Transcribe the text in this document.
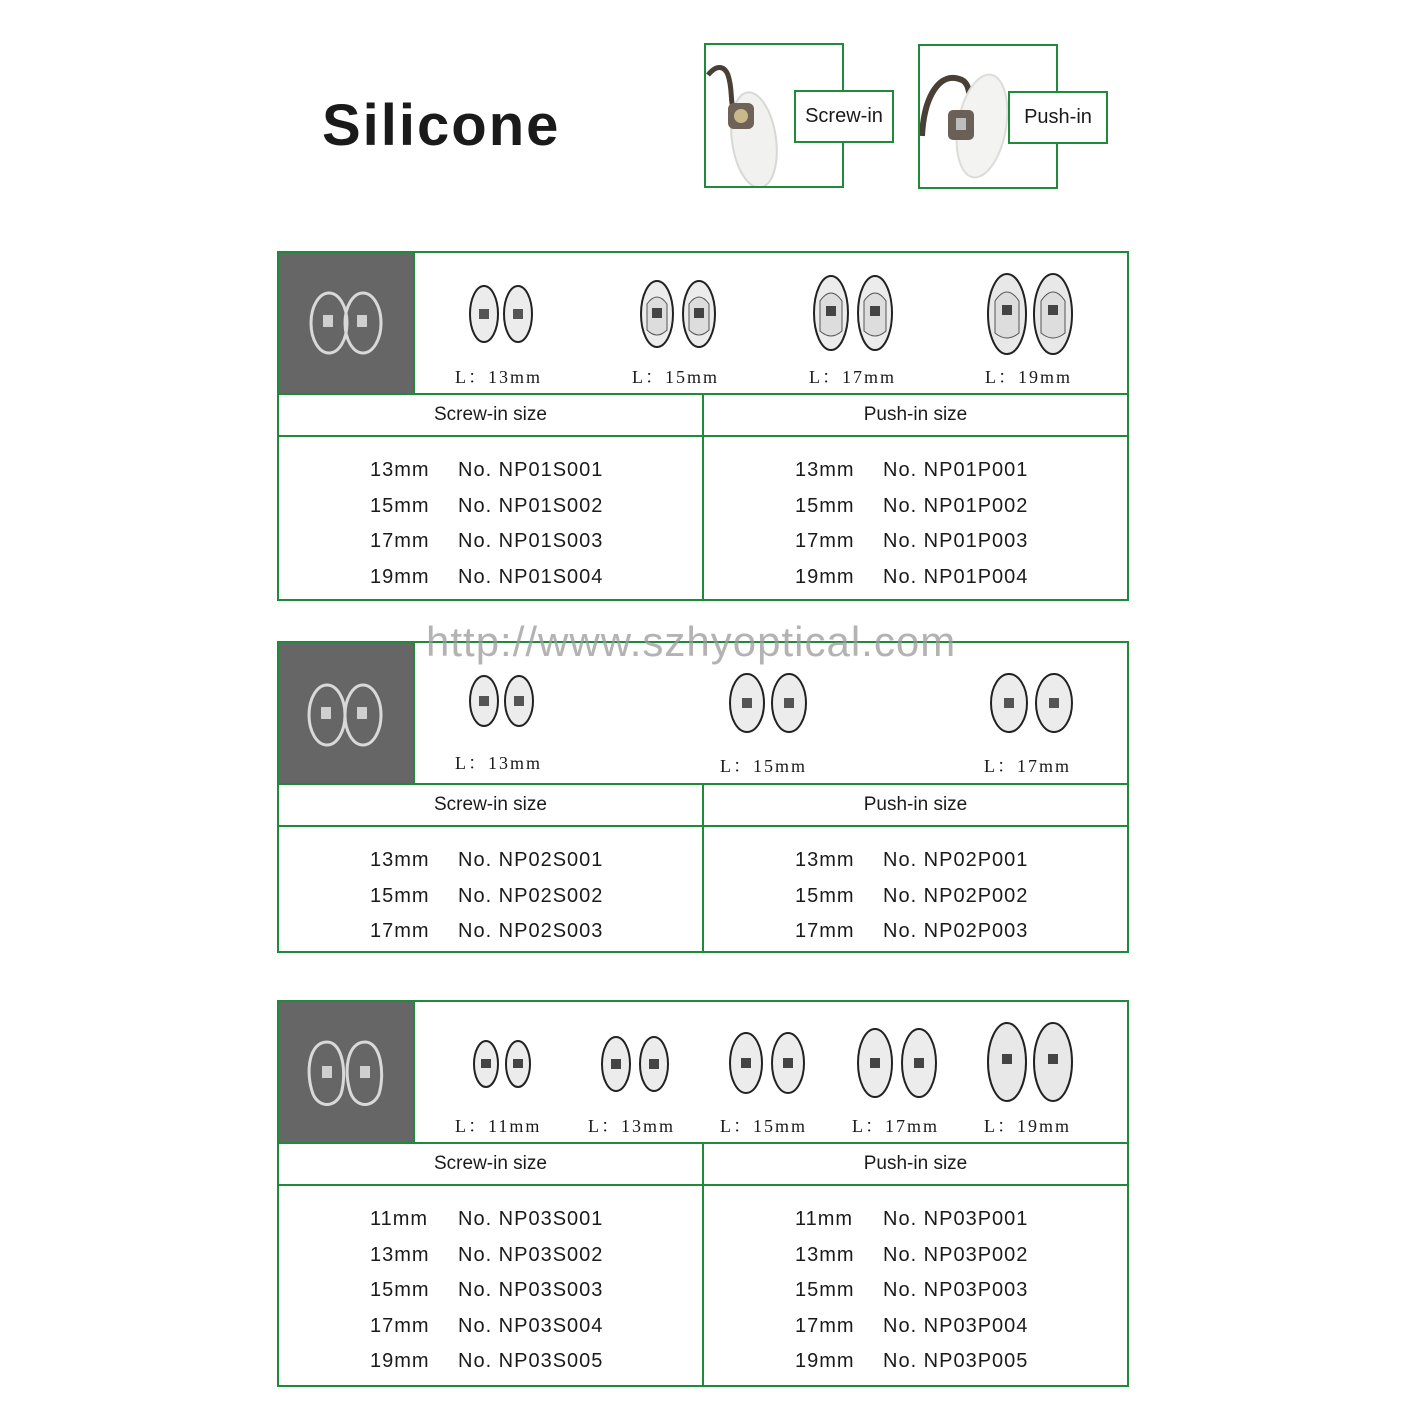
Silicone	Screw-in	Push-in
L：13mm	L：15mm	L：17mm	L：19mm
Screw-in size	Push-in size
13mm	No. NP01S001
15mm	No. NP01S002
17mm	No. NP01S003
19mm	No. NP01S004
13mm	No. NP01P001
15mm	No. NP01P002
17mm	No. NP01P003
19mm	No. NP01P004
L：13mm	L：15mm	L：17mm
Screw-in size	Push-in size
13mm	No. NP02S001
15mm	No. NP02S002
17mm	No. NP02S003
13mm	No. NP02P001
15mm	No. NP02P002
17mm	No. NP02P003
L：11mm	L：13mm	L：15mm	L：17mm	L：19mm
Screw-in size	Push-in size
11mm	No. NP03S001
13mm	No. NP03S002
15mm	No. NP03S003
17mm	No. NP03S004
19mm	No. NP03S005
11mm	No. NP03P001
13mm	No. NP03P002
15mm	No. NP03P003
17mm	No. NP03P004
19mm	No. NP03P005
http://www.szhyoptical.com
